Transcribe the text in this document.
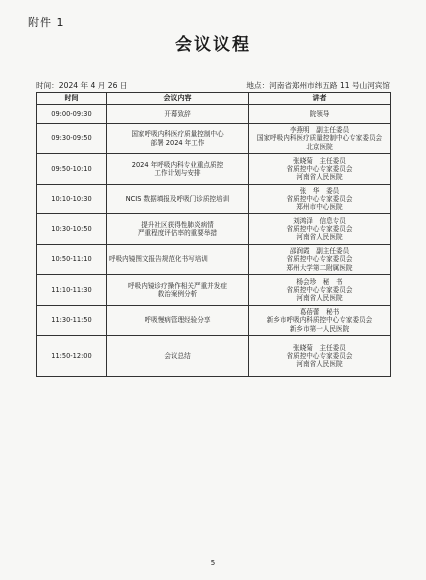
附件 1
会议议程
时间：2024 年 4 月 26 日	地点：河南省郑州市纬五路 11 号山河宾馆
时间	会议内容	讲者
09:00-09:30	开幕致辞	院领导

09:30-09:50	国家呼吸内科医疗质量控制中心
部署 2024 年工作	李燕明　副主任委员
国家呼吸内科医疗质量控制中心专家委员会
北京医院

09:50-10:10	2024 年呼吸内科专业重点质控
工作计划与安排	张晓菊　主任委员
省质控中心专家委员会
河南省人民医院

10:10-10:30	NCIS 数据填报及呼吸门诊质控培训	张　华　委员
省质控中心专家委员会
郑州市中心医院

10:30-10:50	提升社区获得性肺炎病情
严重程度评估率的重要举措	刘鸿泽　信息专员
省质控中心专家委员会
河南省人民医院

10:50-11:10	呼吸内镜图文报告规范化书写培训	邵润霞　副主任委员
省质控中心专家委员会
郑州大学第二附属医院

11:10-11:30	呼吸内镜诊疗操作相关严重并发症
救治案例分析	杨会珍　秘　书
省质控中心专家委员会
河南省人民医院

11:30-11:50	呼吸慢病管理经验分享	葛蓓蕾　秘书
新乡市呼吸内科质控中心专家委员会
新乡市第一人民医院

11:50-12:00	会议总结	张晓菊　主任委员
省质控中心专家委员会
河南省人民医院
5
